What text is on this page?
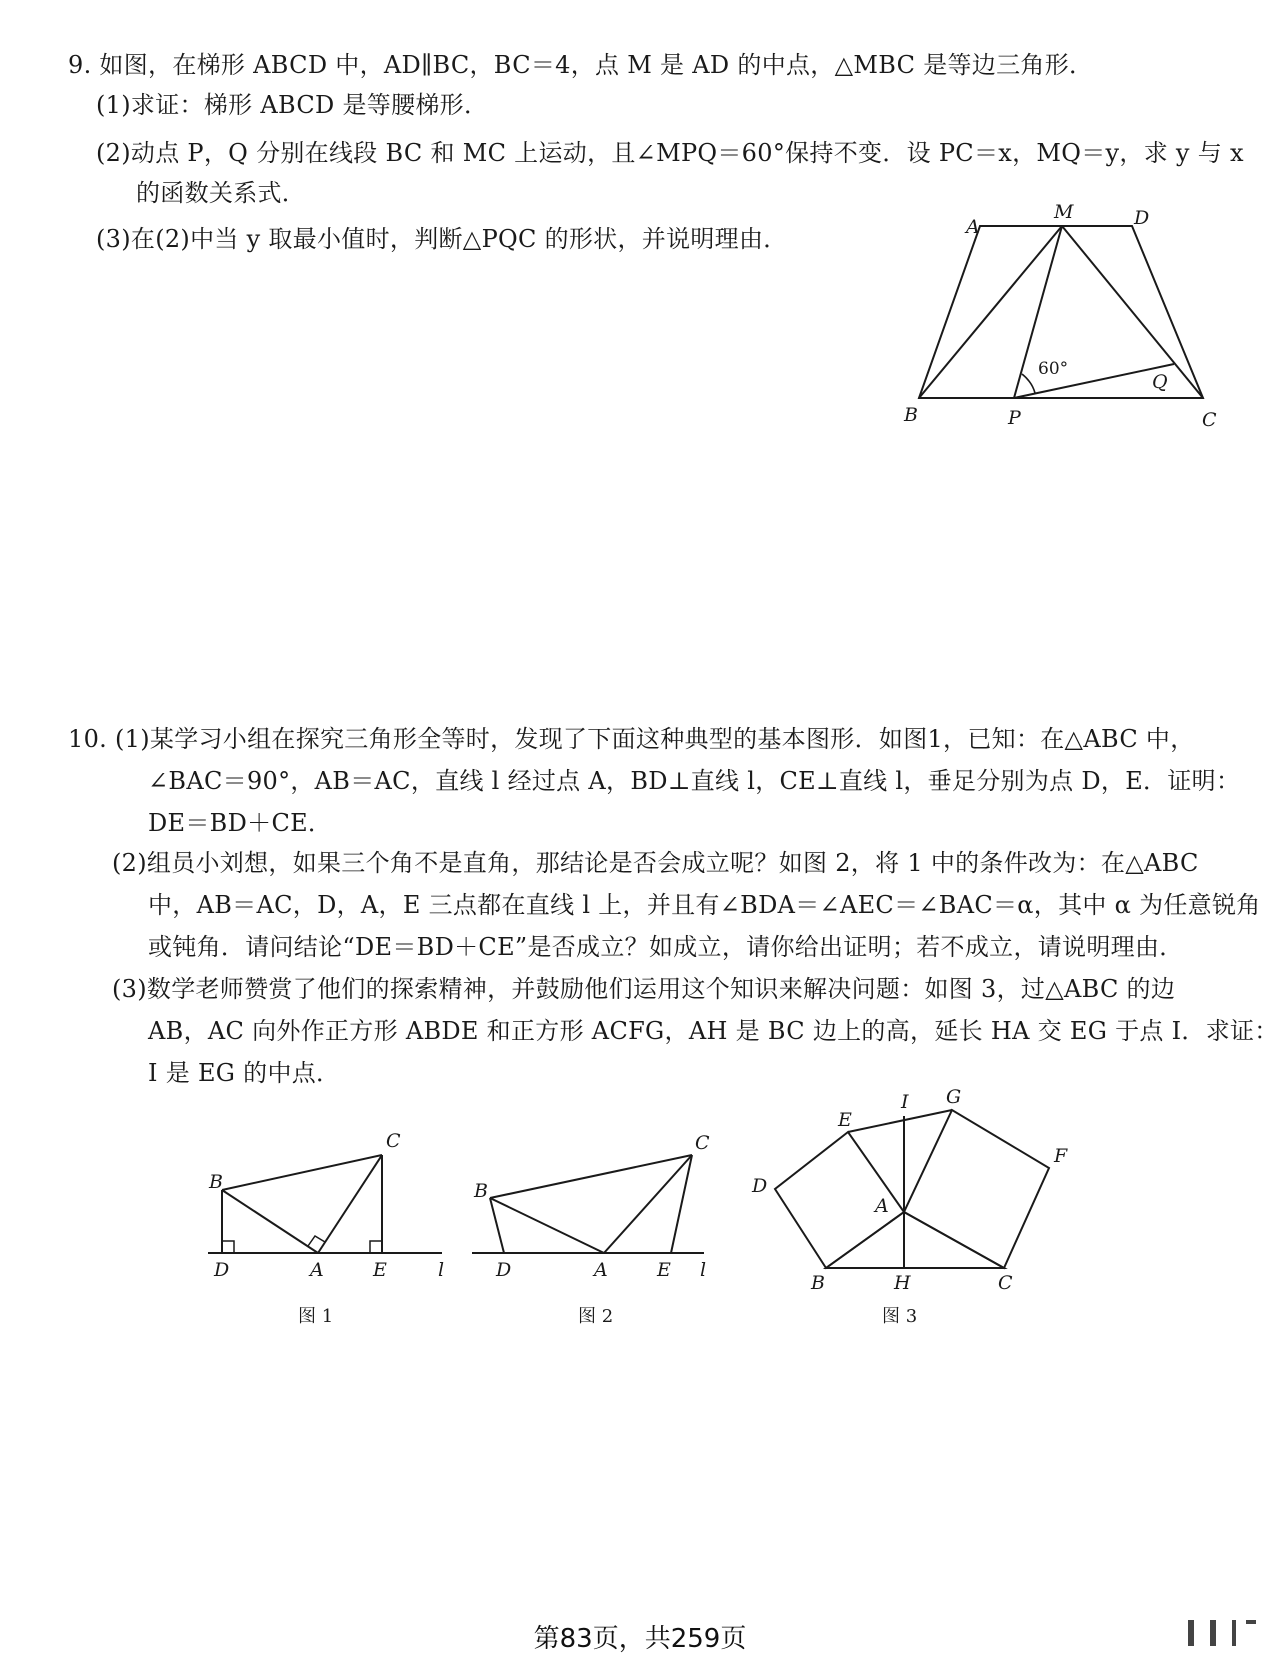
9. 如图，在梯形 ABCD 中，AD∥BC，BC＝4，点 M 是 AD 的中点，△MBC 是等边三角形．
(1)求证：梯形 ABCD 是等腰梯形．
(2)动点 P，Q 分别在线段 BC 和 MC 上运动，且∠MPQ＝60°保持不变．设 PC＝x，MQ＝y，求 y 与 x
的函数关系式．
(3)在(2)中当 y 取最小值时，判断△PQC 的形状，并说明理由．	A
M	D
B	P	C
Q
60°
10. (1)某学习小组在探究三角形全等时，发现了下面这种典型的基本图形．如图1，已知：在△ABC 中，
∠BAC＝90°，AB＝AC，直线 l 经过点 A，BD⊥直线 l，CE⊥直线 l，垂足分别为点 D，E．证明：
DE＝BD＋CE．
(2)组员小刘想，如果三个角不是直角，那结论是否会成立呢？如图 2，将 1 中的条件改为：在△ABC
中，AB＝AC，D，A，E 三点都在直线 l 上，并且有∠BDA＝∠AEC＝∠BAC＝α，其中 α 为任意锐角
或钝角．请问结论“DE＝BD＋CE”是否成立？如成立，请你给出证明；若不成立，请说明理由．
(3)数学老师赞赏了他们的探索精神，并鼓励他们运用这个知识来解决问题：如图 3，过△ABC 的边
AB，AC 向外作正方形 ABDE 和正方形 ACFG，AH 是 BC 边上的高，延长 HA 交 EG 于点 I．求证：
I 是 EG 的中点．
B
C
D	A	E	l
图 1
B
C
D	A	E l
图 2
E
I G
F
D
A
B	H	C
图 3
第83页，共259页
